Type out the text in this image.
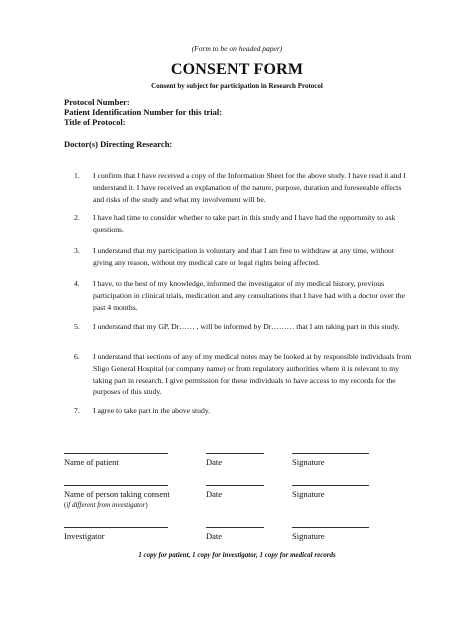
(Form to be on headed paper)
CONSENT FORM
Consent by subject for participation in Research Protocol
Protocol Number:
Patient Identification Number for this trial:
Title of Protocol:
Doctor(s) Directing Research:
1. I confirm that I have received a copy of the Information Sheet for the above study. I have read it and I understand it. I have received an explanation of the nature, purpose, duration and foreseeable effects and risks of the study and what my involvement will be.
2. I have had time to consider whether to take part in this study and I have had the opportunity to ask questions.
3. I understand that my participation is voluntary and that I am free to withdraw at any time, without giving any reason, without my medical care or legal rights being affected.
4. I have, to the best of my knowledge, informed the investigator of my medical history, previous participation in clinical trials, medication and any consultations that I have had with a doctor over the past 4 months.
5. I understand that my GP, Dr…… , will be informed by Dr……… that I am taking part in this study.
6. I understand that sections of any of my medical notes may be looked at by responsible individuals from Sligo General Hospital (or company name) or from regulatory authorities where it is relevant to my taking part in research. I give permission for these individuals to have access to my records for the purposes of this study.
7. I agree to take part in the above study.
Name of patient	Date	Signature
Name of person taking consent	Date	Signature
(if different from investigator)
Investigator	Date	Signature
1 copy for patient, 1 copy for investigator, 1 copy for medical records
